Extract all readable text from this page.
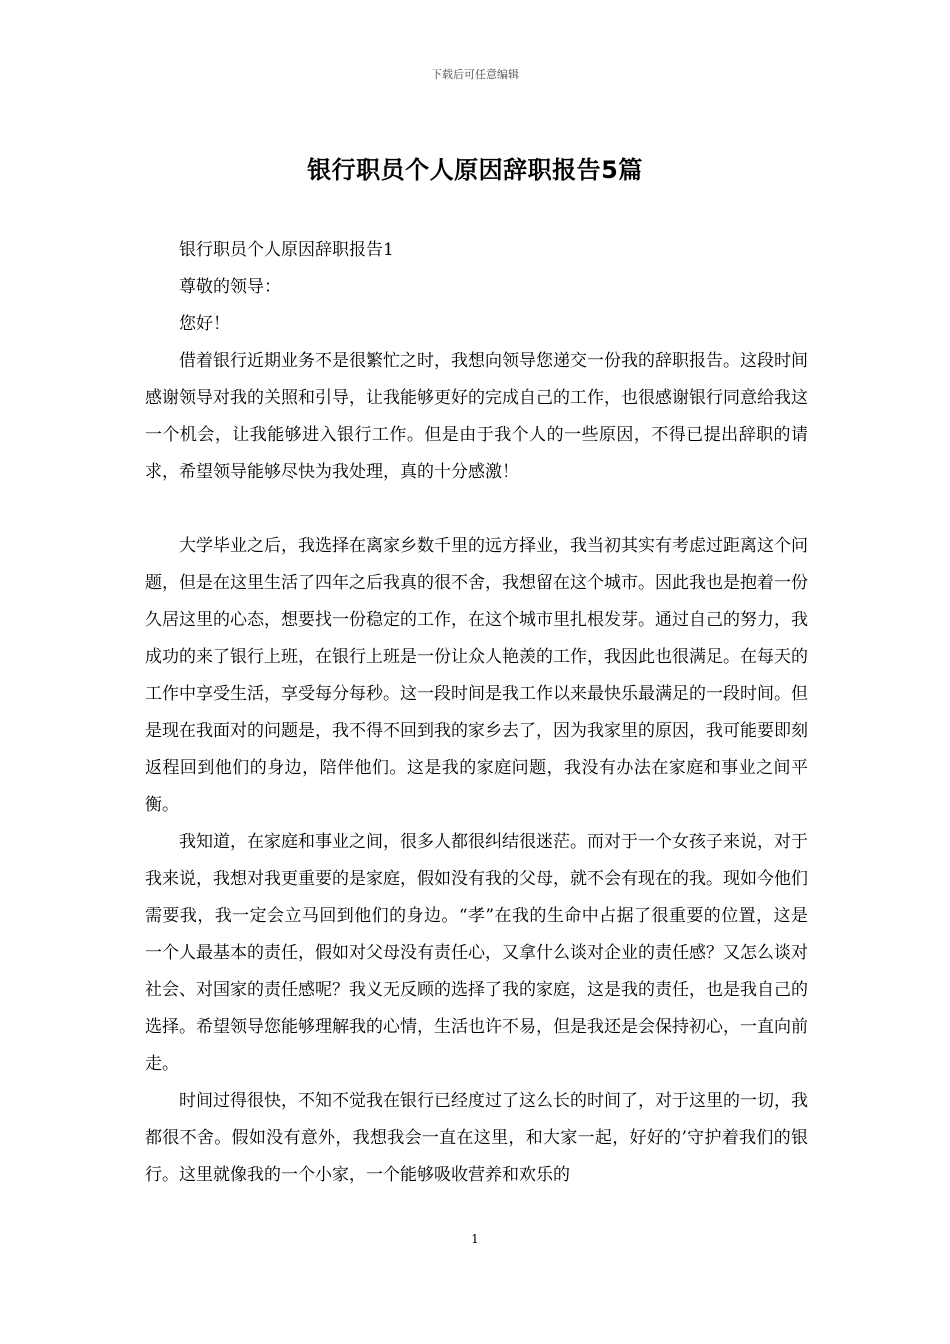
下载后可任意编辑
银行职员个人原因辞职报告5篇

银行职员个人原因辞职报告1

尊敬的领导：

您好！

借着银行近期业务不是很繁忙之时，我想向领导您递交一份我的辞职报告。这段时间感谢领导对我的关照和引导，让我能够更好的完成自己的工作，也很感谢银行同意给我这一个机会，让我能够进入银行工作。但是由于我个人的一些原因，不得已提出辞职的请求，希望领导能够尽快为我处理，真的十分感激！

大学毕业之后，我选择在离家乡数千里的远方择业，我当初其实有考虑过距离这个问题，但是在这里生活了四年之后我真的很不舍，我想留在这个城市。因此我也是抱着一份久居这里的心态，想要找一份稳定的工作，在这个城市里扎根发芽。通过自己的努力，我成功的来了银行上班，在银行上班是一份让众人艳羡的工作，我因此也很满足。在每天的工作中享受生活，享受每分每秒。这一段时间是我工作以来最快乐最满足的一段时间。但是现在我面对的问题是，我不得不回到我的家乡去了，因为我家里的原因，我可能要即刻返程回到他们的身边，陪伴他们。这是我的家庭问题，我没有办法在家庭和事业之间平衡。

我知道，在家庭和事业之间，很多人都很纠结很迷茫。而对于一个女孩子来说，对于我来说，我想对我更重要的是家庭，假如没有我的父母，就不会有现在的我。现如今他们需要我，我一定会立马回到他们的身边。“孝”在我的生命中占据了很重要的位置，这是一个人最基本的责任，假如对父母没有责任心，又拿什么谈对企业的责任感？又怎么谈对社会、对国家的责任感呢？我义无反顾的选择了我的家庭，这是我的责任，也是我自己的选择。希望领导您能够理解我的心情，生活也许不易，但是我还是会保持初心，一直向前走。

时间过得很快，不知不觉我在银行已经度过了这么长的时间了，对于这里的一切，我都很不舍。假如没有意外，我想我会一直在这里，和大家一起，好好的’守护着我们的银行。这里就像我的一个小家，一个能够吸收营养和欢乐的

1
